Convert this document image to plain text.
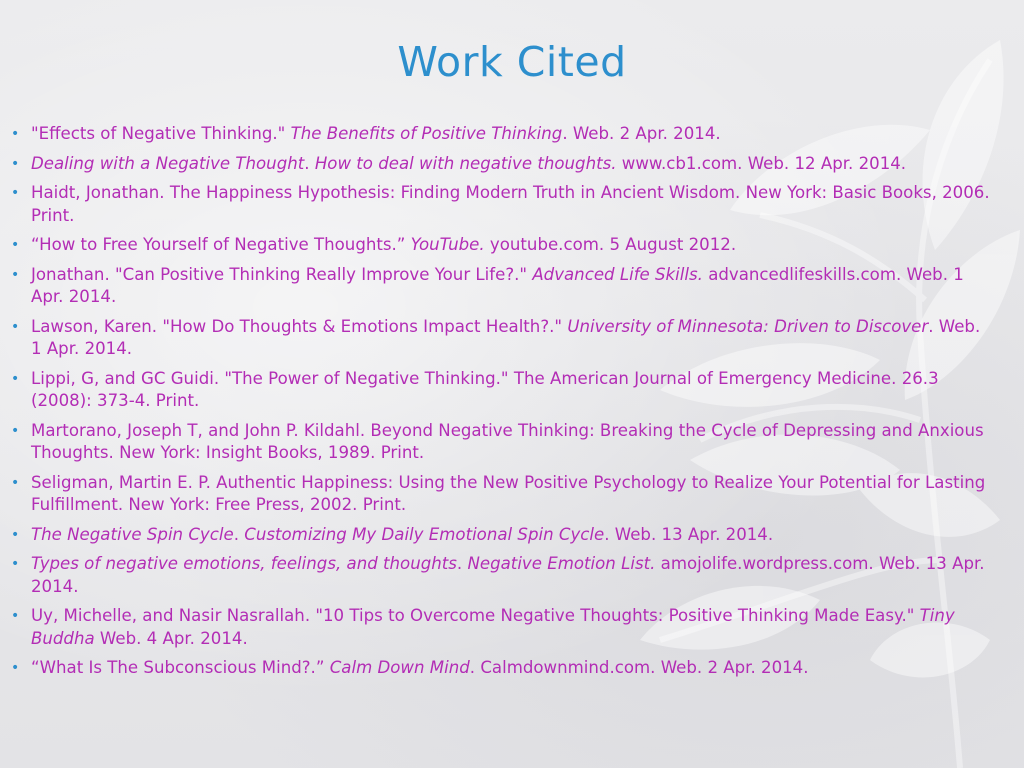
Work Cited
• "Effects of Negative Thinking." The Benefits of Positive Thinking. Web. 2 Apr. 2014.
• Dealing with a Negative Thought. How to deal with negative thoughts. www.cb1.com. Web. 12 Apr. 2014.
• Haidt, Jonathan. The Happiness Hypothesis: Finding Modern Truth in Ancient Wisdom. New York: Basic Books, 2006. Print.
• “How to Free Yourself of Negative Thoughts.” YouTube. youtube.com. 5 August 2012.
• Jonathan. "Can Positive Thinking Really Improve Your Life?." Advanced Life Skills. advancedlifeskills.com. Web. 1 Apr. 2014.
• Lawson, Karen. "How Do Thoughts & Emotions Impact Health?." University of Minnesota: Driven to Discover. Web. 1 Apr. 2014.
• Lippi, G, and GC Guidi. "The Power of Negative Thinking." The American Journal of Emergency Medicine. 26.3 (2008): 373-4. Print.
• Martorano, Joseph T, and John P. Kildahl. Beyond Negative Thinking: Breaking the Cycle of Depressing and Anxious Thoughts. New York: Insight Books, 1989. Print.
• Seligman, Martin E. P. Authentic Happiness: Using the New Positive Psychology to Realize Your Potential for Lasting Fulfillment. New York: Free Press, 2002. Print.
• The Negative Spin Cycle. Customizing My Daily Emotional Spin Cycle. Web. 13 Apr. 2014.
• Types of negative emotions, feelings, and thoughts. Negative Emotion List. amojolife.wordpress.com. Web. 13 Apr. 2014.
• Uy, Michelle, and Nasir Nasrallah. "10 Tips to Overcome Negative Thoughts: Positive Thinking Made Easy." Tiny Buddha Web. 4 Apr. 2014.
• “What Is The Subconscious Mind?.” Calm Down Mind. Calmdownmind.com. Web. 2 Apr. 2014.
